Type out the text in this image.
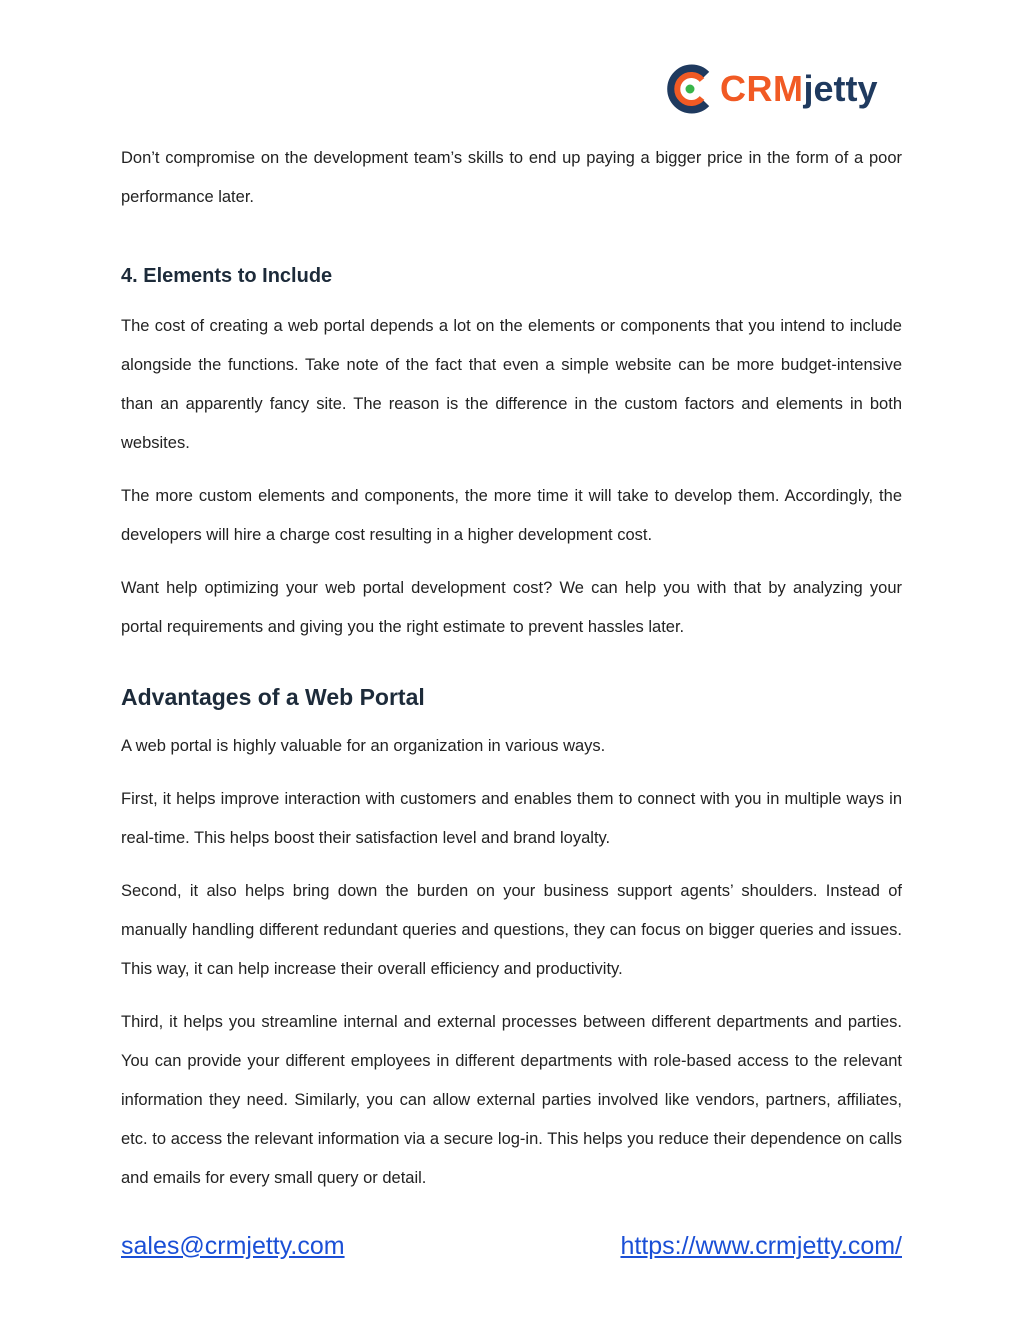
CRMjetty

Don’t compromise on the development team’s skills to end up paying a bigger price in the form of a poor performance later.

4. Elements to Include

The cost of creating a web portal depends a lot on the elements or components that you intend to include alongside the functions. Take note of the fact that even a simple website can be more budget-intensive than an apparently fancy site. The reason is the difference in the custom factors and elements in both websites.

The more custom elements and components, the more time it will take to develop them. Accordingly, the developers will hire a charge cost resulting in a higher development cost.

Want help optimizing your web portal development cost? We can help you with that by analyzing your portal requirements and giving you the right estimate to prevent hassles later.

Advantages of a Web Portal

A web portal is highly valuable for an organization in various ways.

First, it helps improve interaction with customers and enables them to connect with you in multiple ways in real-time. This helps boost their satisfaction level and brand loyalty.

Second, it also helps bring down the burden on your business support agents’ shoulders. Instead of manually handling different redundant queries and questions, they can focus on bigger queries and issues. This way, it can help increase their overall efficiency and productivity.

Third, it helps you streamline internal and external processes between different departments and parties. You can provide your different employees in different departments with role-based access to the relevant information they need. Similarly, you can allow external parties involved like vendors, partners, affiliates, etc. to access the relevant information via a secure log-in. This helps you reduce their dependence on calls and emails for every small query or detail.

sales@crmjetty.com	https://www.crmjetty.com/
